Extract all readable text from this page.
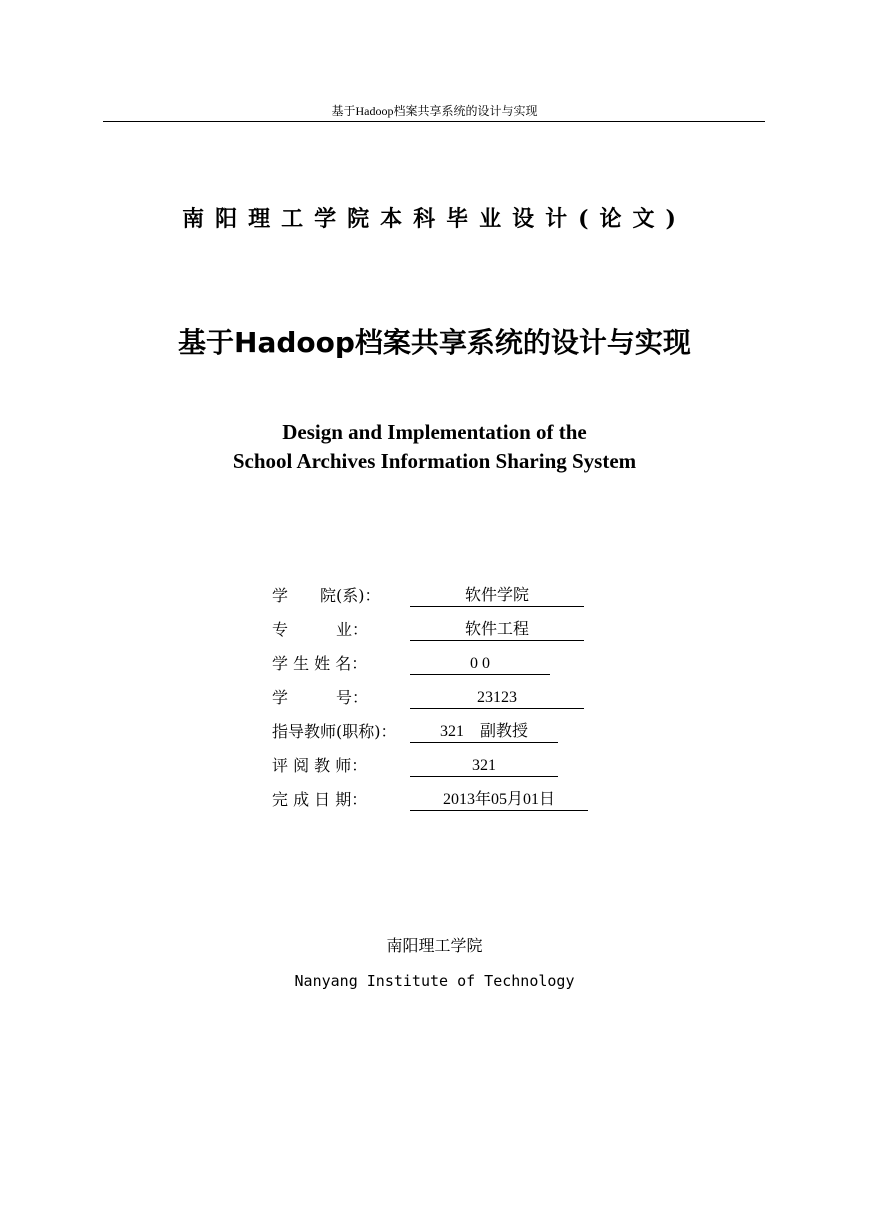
基于Hadoop档案共享系统的设计与实现
南阳理工学院本科毕业设计(论文)
基于Hadoop档案共享系统的设计与实现
Design and Implementation of the
School Archives Information Sharing System
学　　院(系)：	软件学院
专　　　业：	软件工程
学 生 姓 名：	0 0
学　　　号：	23123
指导教师(职称)：	321　副教授
评 阅 教 师：	321
完 成 日 期：	2013年05月01日
南阳理工学院
Nanyang Institute of Technology
